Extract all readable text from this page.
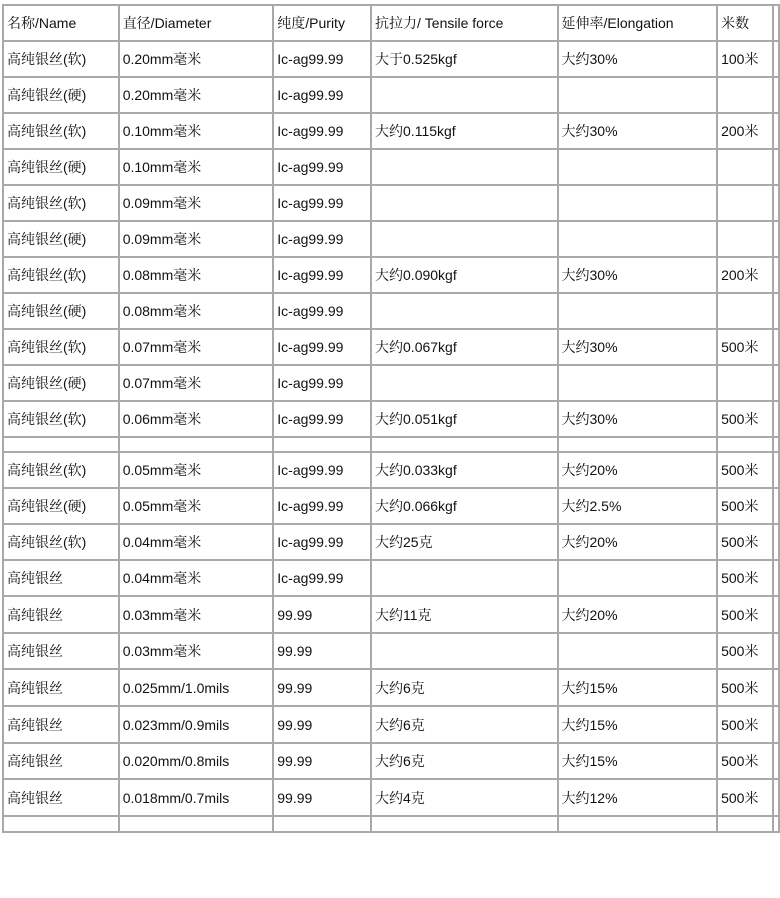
名称/Name	直径/Diameter	纯度/Purity	抗拉力/ Tensile force	延伸率/Elongation	米数	
高纯银丝(软)	0.20mm毫米	Ic-ag99.99	大于0.525kgf	大约30%	100米	
高纯银丝(硬)	0.20mm毫米	Ic-ag99.99				
高纯银丝(软)	0.10mm毫米	Ic-ag99.99	大约0.115kgf	大约30%	200米	
高纯银丝(硬)	0.10mm毫米	Ic-ag99.99				
高纯银丝(软)	0.09mm毫米	Ic-ag99.99				
高纯银丝(硬)	0.09mm毫米	Ic-ag99.99				
高纯银丝(软)	0.08mm毫米	Ic-ag99.99	大约0.090kgf	大约30%	200米	
高纯银丝(硬)	0.08mm毫米	Ic-ag99.99				
高纯银丝(软)	0.07mm毫米	Ic-ag99.99	大约0.067kgf	大约30%	500米	
高纯银丝(硬)	0.07mm毫米	Ic-ag99.99				
高纯银丝(软)	0.06mm毫米	Ic-ag99.99	大约0.051kgf	大约30%	500米	

高纯银丝(软)	0.05mm毫米	Ic-ag99.99	大约0.033kgf	大约20%	500米	
高纯银丝(硬)	0.05mm毫米	Ic-ag99.99	大约0.066kgf	大约2.5%	500米	
高纯银丝(软)	0.04mm毫米	Ic-ag99.99	大约25克	大约20%	500米	
高纯银丝	0.04mm毫米	Ic-ag99.99			500米	
高纯银丝	0.03mm毫米	99.99	大约11克	大约20%	500米	
高纯银丝	0.03mm毫米	99.99			500米	
高纯银丝	0.025mm/1.0mils	99.99	大约6克	大约15%	500米	
高纯银丝	0.023mm/0.9mils	99.99	大约6克	大约15%	500米	
高纯银丝	0.020mm/0.8mils	99.99	大约6克	大约15%	500米	
高纯银丝	0.018mm/0.7mils	99.99	大约4克	大约12%	500米	
